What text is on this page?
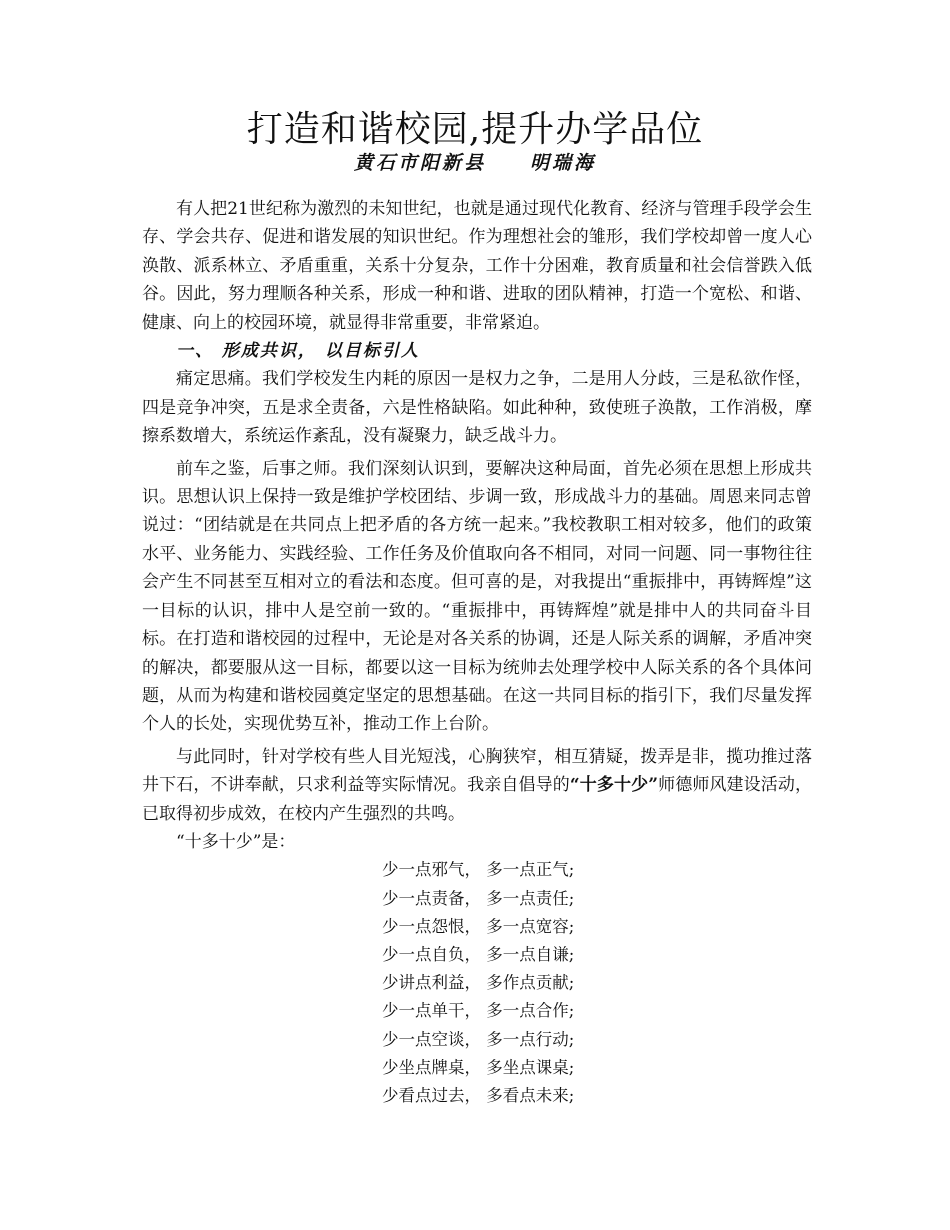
打造和谐校园,提升办学品位
黄石市阳新县　　明瑞海

有人把21世纪称为激烈的未知世纪，也就是通过现代化教育、经济与管理手段学会生存、学会共存、促进和谐发展的知识世纪。作为理想社会的雏形，我们学校却曾一度人心涣散、派系林立、矛盾重重，关系十分复杂，工作十分困难，教育质量和社会信誉跌入低谷。因此，努力理顺各种关系，形成一种和谐、进取的团队精神，打造一个宽松、和谐、健康、向上的校园环境，就显得非常重要，非常紧迫。

一、 形成共识， 以目标引人

痛定思痛。我们学校发生内耗的原因一是权力之争，二是用人分歧，三是私欲作怪，四是竞争冲突，五是求全责备，六是性格缺陷。如此种种，致使班子涣散，工作消极，摩擦系数增大，系统运作紊乱，没有凝聚力，缺乏战斗力。

前车之鉴，后事之师。我们深刻认识到，要解决这种局面，首先必须在思想上形成共识。思想认识上保持一致是维护学校团结、步调一致，形成战斗力的基础。周恩来同志曾说过：“团结就是在共同点上把矛盾的各方统一起来。”我校教职工相对较多，他们的政策水平、业务能力、实践经验、工作任务及价值取向各不相同，对同一问题、同一事物往往会产生不同甚至互相对立的看法和态度。但可喜的是，对我提出“重振排中，再铸辉煌”这一目标的认识，排中人是空前一致的。“重振排中，再铸辉煌”就是排中人的共同奋斗目标。在打造和谐校园的过程中，无论是对各关系的协调，还是人际关系的调解，矛盾冲突的解决，都要服从这一目标，都要以这一目标为统帅去处理学校中人际关系的各个具体问题，从而为构建和谐校园奠定坚定的思想基础。在这一共同目标的指引下，我们尽量发挥个人的长处，实现优势互补，推动工作上台阶。

与此同时，针对学校有些人目光短浅，心胸狭窄，相互猜疑，拨弄是非，揽功推过落井下石，不讲奉献，只求利益等实际情况。我亲自倡导的“十多十少”师德师风建设活动，已取得初步成效，在校内产生强烈的共鸣。

“十多十少”是：

少一点邪气， 多一点正气;
少一点责备， 多一点责任;
少一点怨恨， 多一点宽容;
少一点自负， 多一点自谦;
少讲点利益， 多作点贡献;
少一点单干， 多一点合作;
少一点空谈， 多一点行动;
少坐点牌桌， 多坐点课桌;
少看点过去， 多看点未来;
